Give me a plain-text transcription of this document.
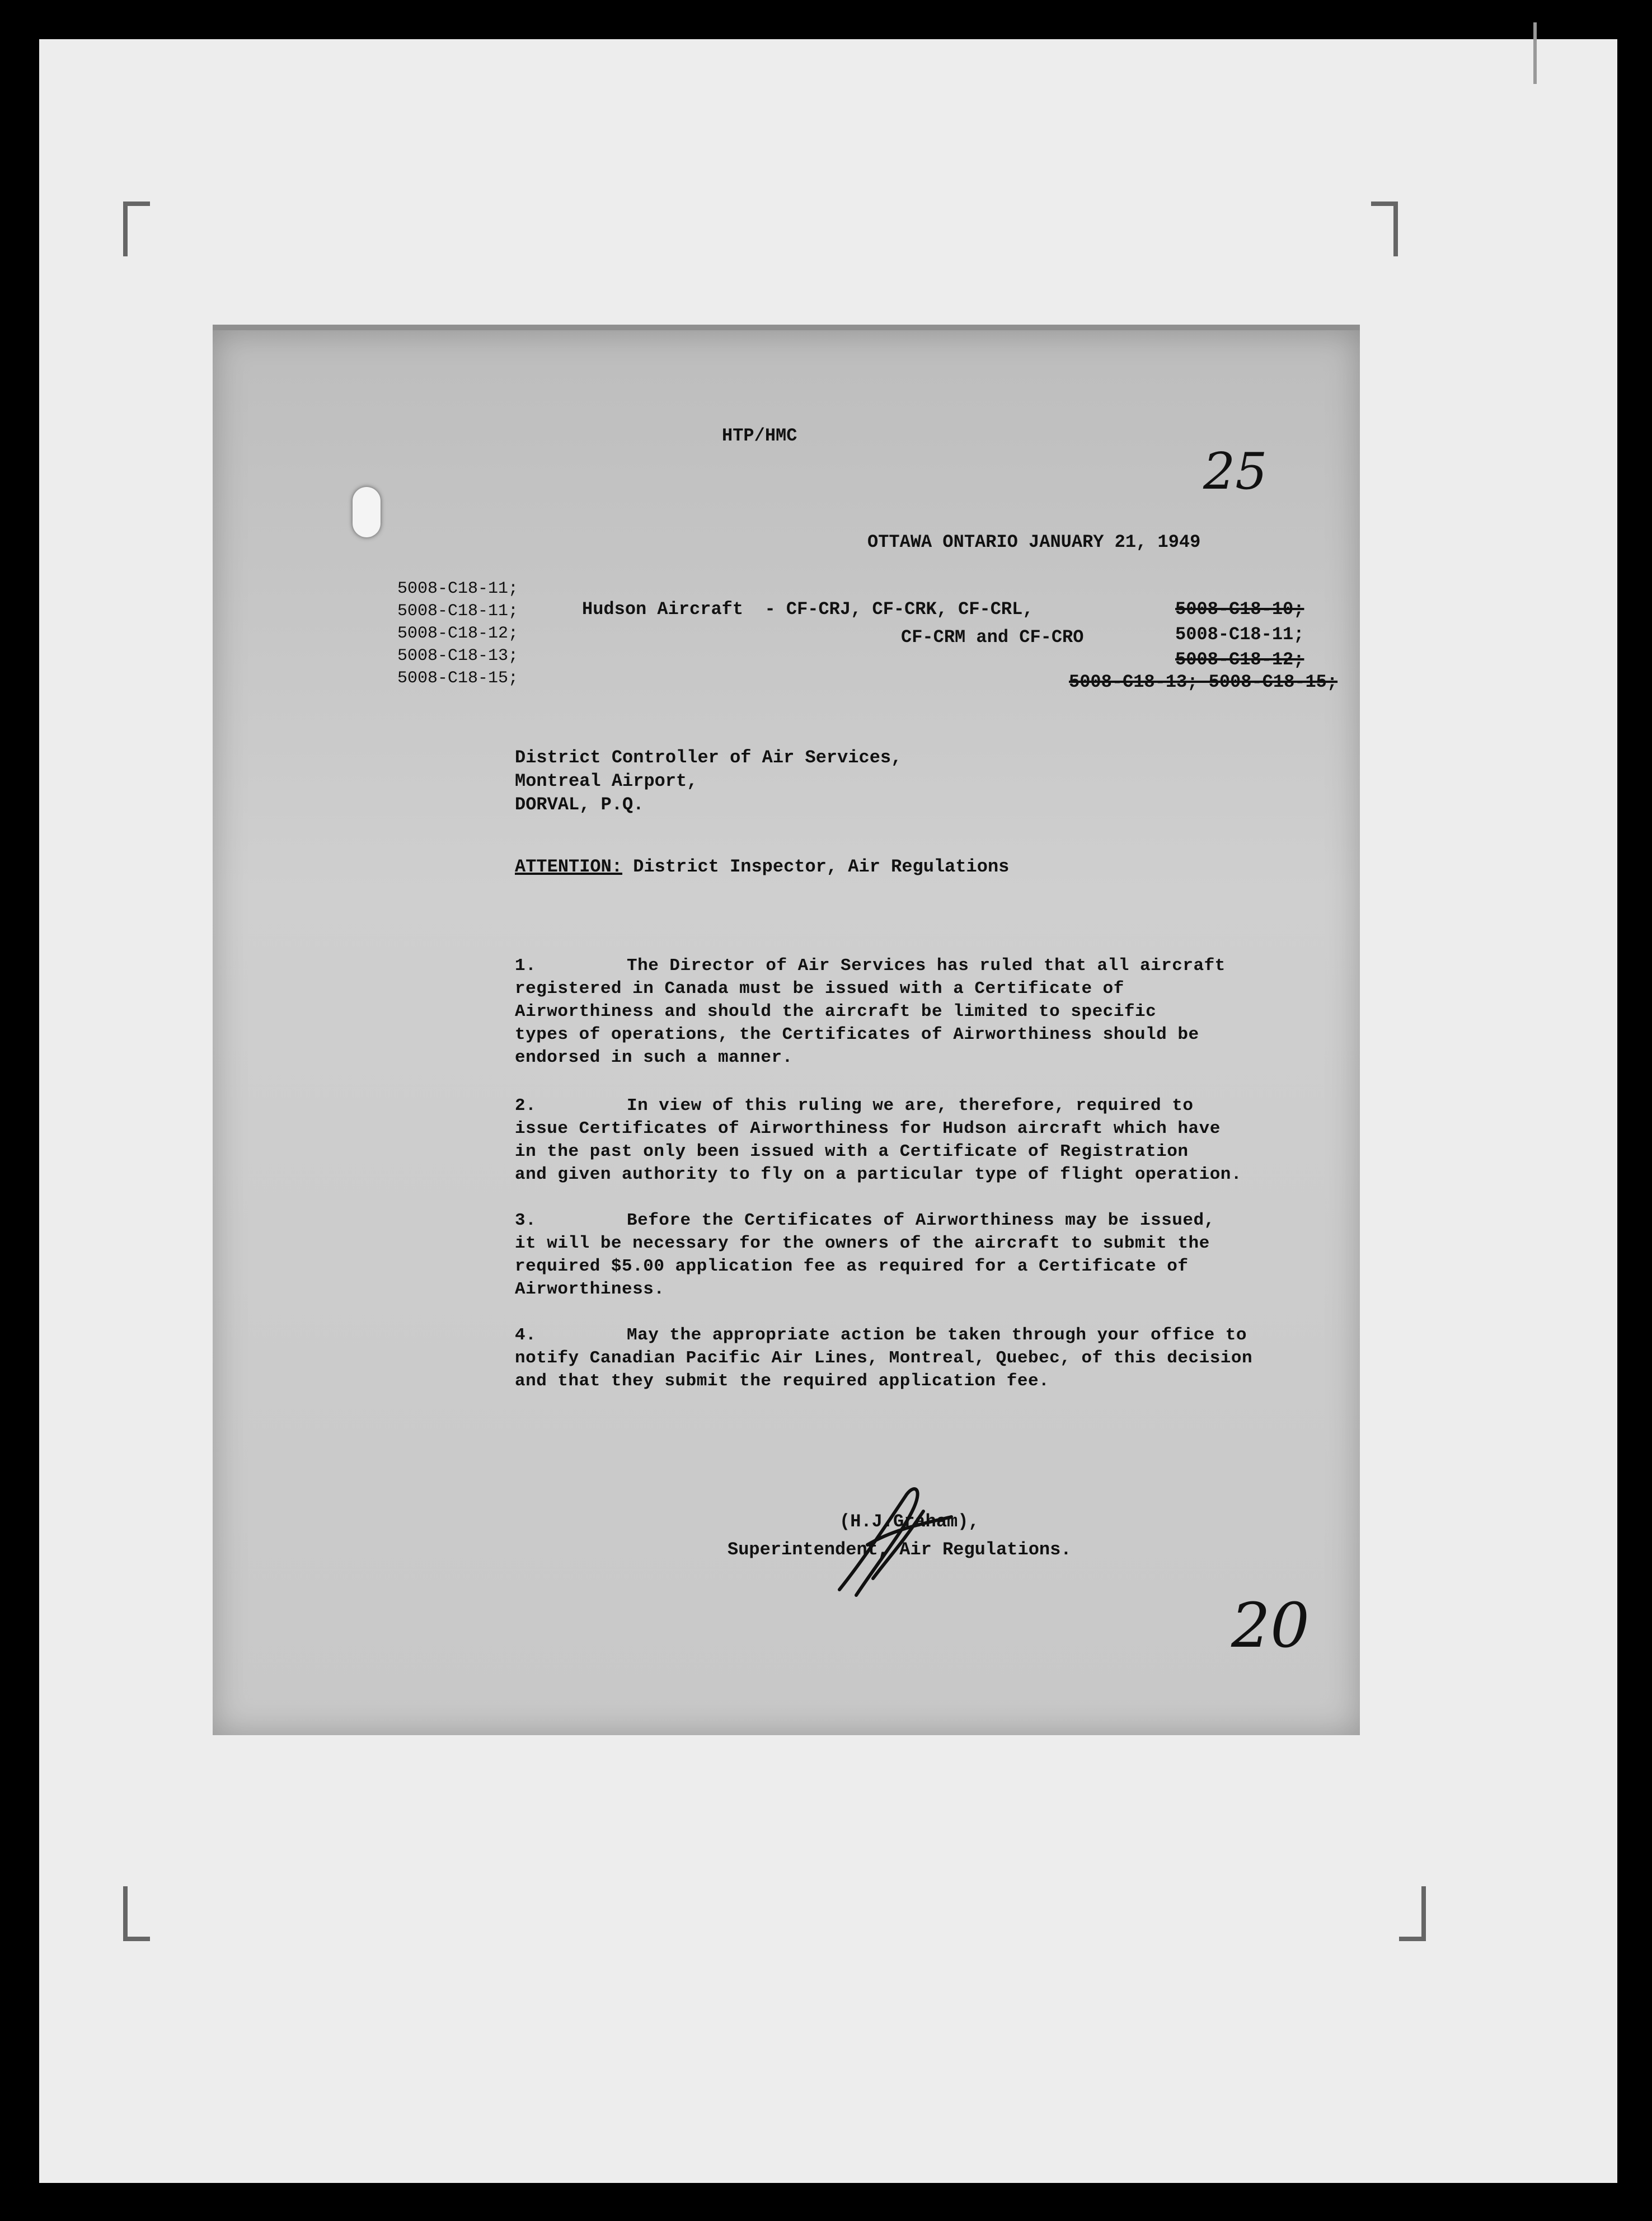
HTP/HMC
25
OTTAWA ONTARIO JANUARY 21, 1949
5008-C18-11;
5008-C18-11;
5008-C18-12;
5008-C18-13;
5008-C18-15;
Hudson Aircraft  - CF-CRJ, CF-CRK, CF-CRL,
CF-CRM and CF-CRO
5008-C18-10;
5008-C18-11;
5008-C18-12;
5008-C18-13; 5008-C18-15;
District Controller of Air Services,
Montreal Airport,
DORVAL, P.Q.
ATTENTION: District Inspector, Air Regulations
1.	The Director of Air Services has ruled that all aircraft
registered in Canada must be issued with a Certificate of
Airworthiness and should the aircraft be limited to specific
types of operations, the Certificates of Airworthiness should be
endorsed in such a manner.
2.	In view of this ruling we are, therefore, required to
issue Certificates of Airworthiness for Hudson aircraft which have
in the past only been issued with a Certificate of Registration
and given authority to fly on a particular type of flight operation.
3.	Before the Certificates of Airworthiness may be issued,
it will be necessary for the owners of the aircraft to submit the
required $5.00 application fee as required for a Certificate of
Airworthiness.
4.	May the appropriate action be taken through your office to
notify Canadian Pacific Air Lines, Montreal, Quebec, of this decision
and that they submit the required application fee.
(H.J.Graham),
Superintendent, Air Regulations.
20
